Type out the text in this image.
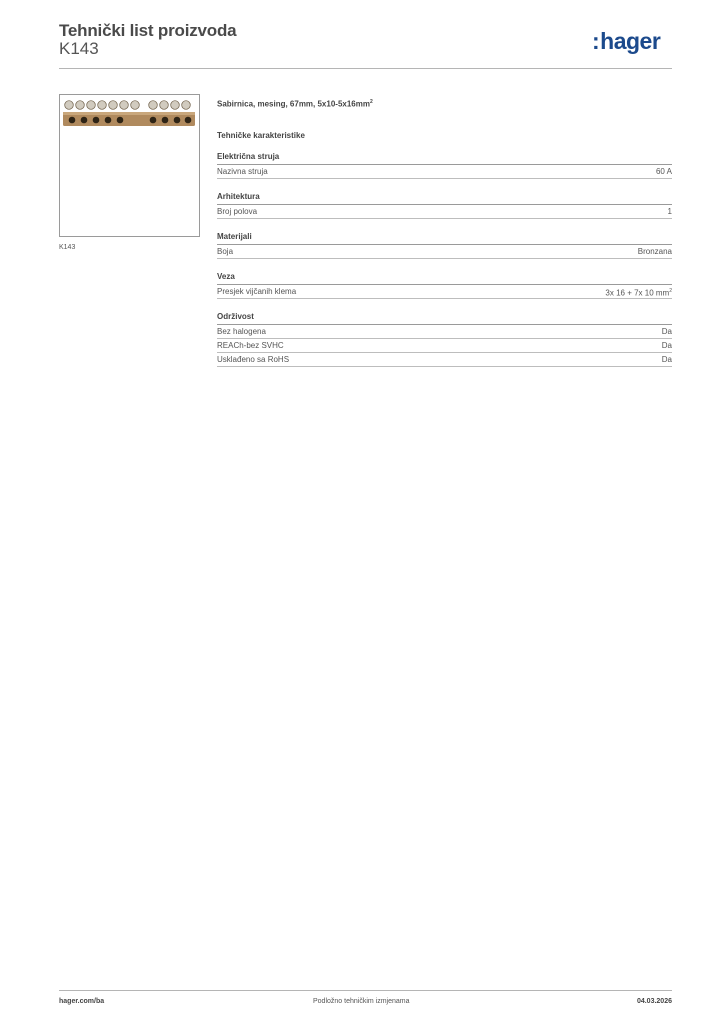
Tehnički list proizvoda
K143	:hager
K143
Sabirnica, mesing, 67mm, $5x10-5x16mm^2$
Tehničke karakteristike
Električna struja
Nazivna struja	60 A
Arhitektura
Broj polova	1
Materijali
Boja	Bronzana
Veza
Presjek vijčanih klema	3x 16 + 7x 10 $mm^2$
Održivost
Bez halogena	Da
REACh-bez SVHC	Da
Usklađeno sa RoHS	Da
hager.com/ba	Podložno tehničkim izmjenama	04.03.2026
